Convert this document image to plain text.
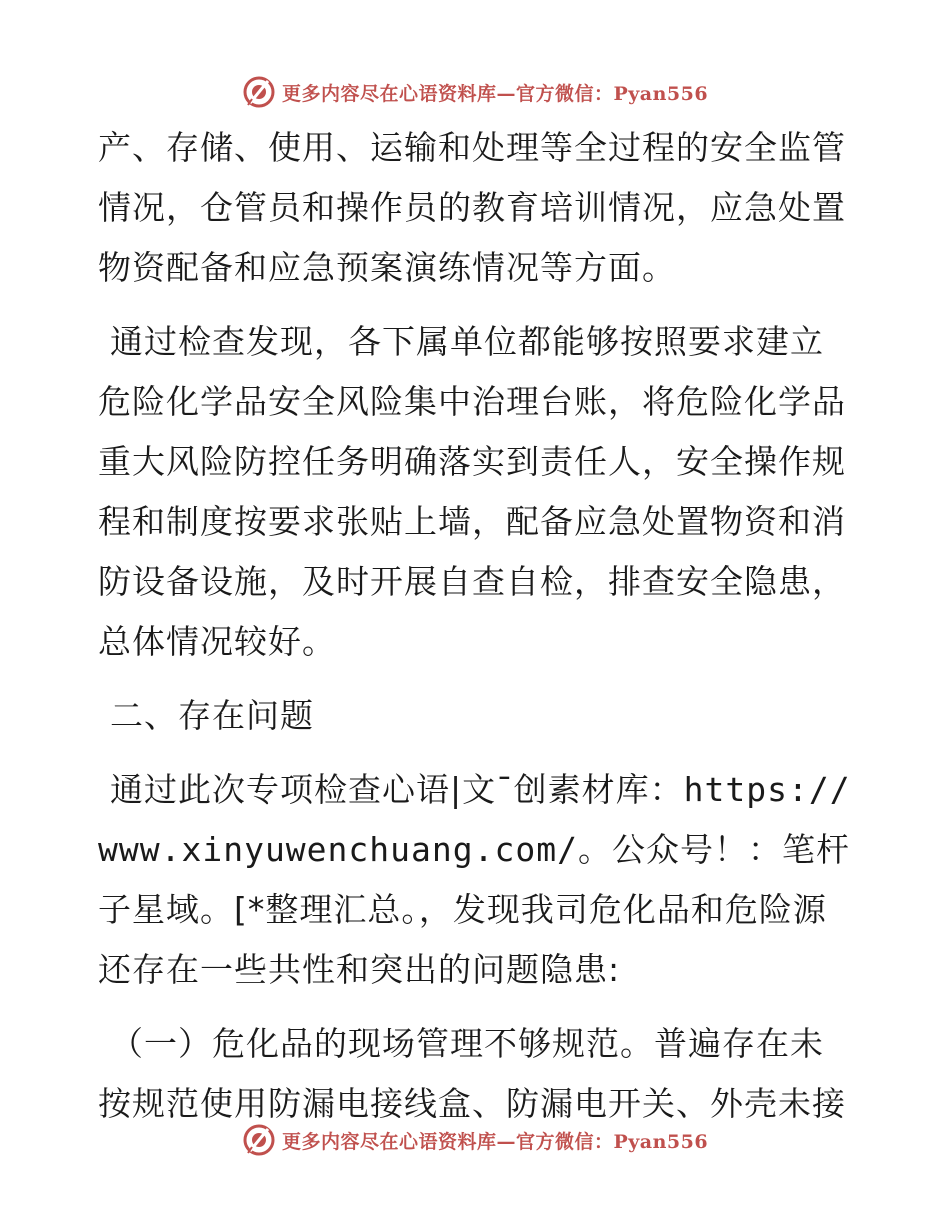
更多内容尽在心语资料库—官方微信：Pyan556

产、存储、使用、运输和处理等全过程的安全监管情况，仓管员和操作员的教育培训情况，应急处置物资配备和应急预案演练情况等方面。

通过检查发现，各下属单位都能够按照要求建立危险化学品安全风险集中治理台账，将危险化学品重大风险防控任务明确落实到责任人，安全操作规程和制度按要求张贴上墙，配备应急处置物资和消防设备设施，及时开展自查自检，排查安全隐患，总体情况较好。

二、存在问题

通过此次专项检查心语|文¯创素材库：https://www.xinyuwenchuang.com/。公众号！：笔杆子星域。[*整理汇总。，发现我司危化品和危险源还存在一些共性和突出的问题隐患:

（一）危化品的现场管理不够规范。普遍存在未按规范使用防漏电接线盒、防漏电开关、外壳未接

更多内容尽在心语资料库—官方微信：Pyan556
